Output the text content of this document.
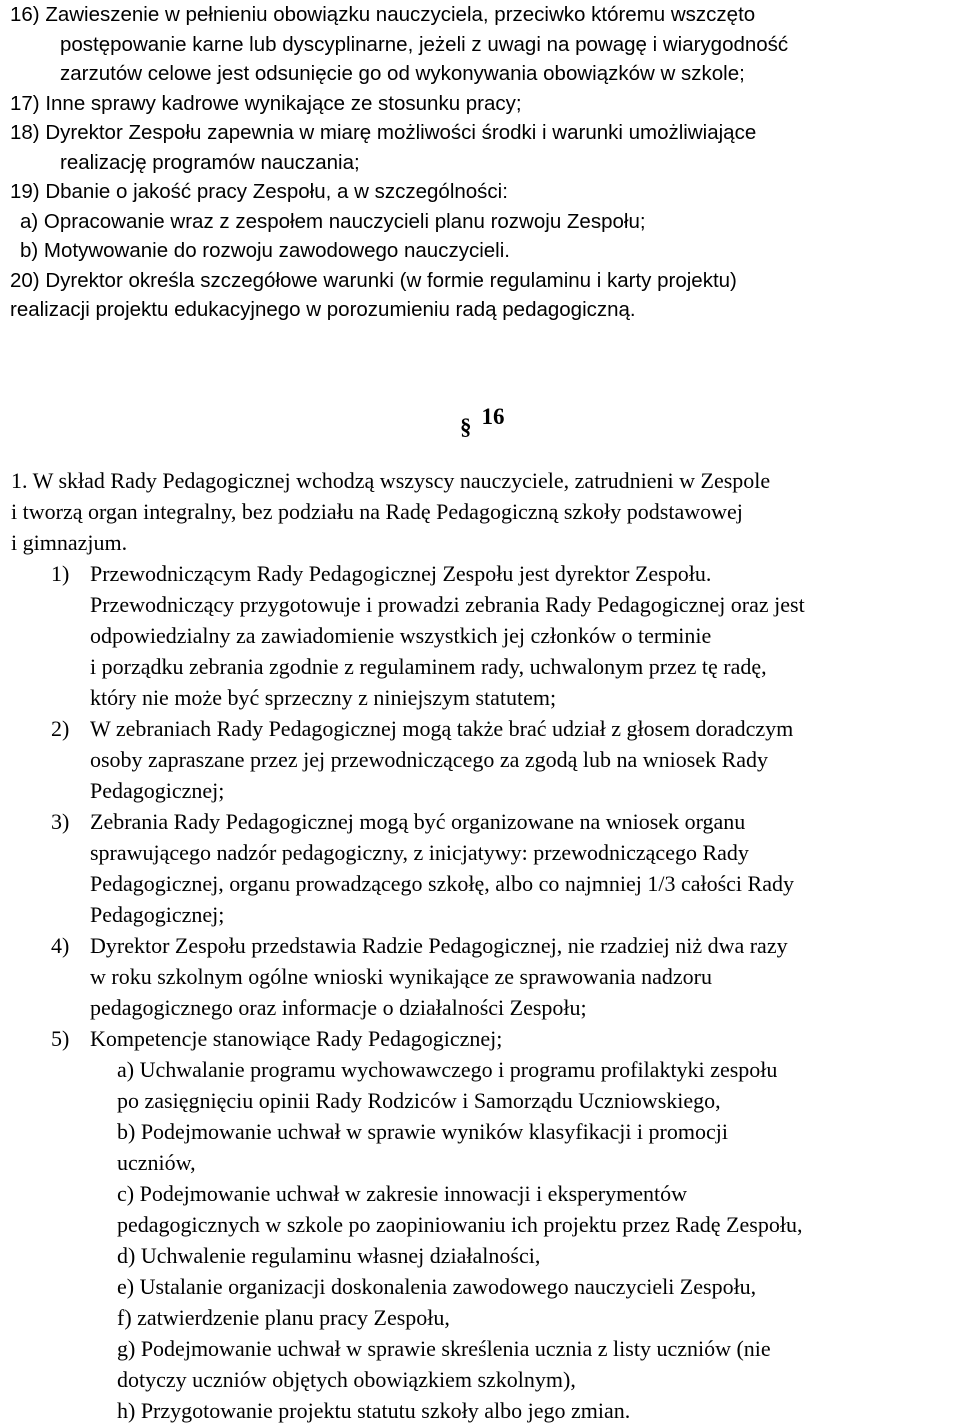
16) Zawieszenie w pełnieniu obowiązku nauczyciela, przeciwko któremu wszczęto

postępowanie karne lub dyscyplinarne, jeżeli z uwagi na powagę i wiarygodność

zarzutów celowe jest odsunięcie go od wykonywania obowiązków w szkole;

17) Inne sprawy kadrowe wynikające ze stosunku pracy;

18) Dyrektor Zespołu zapewnia w miarę możliwości środki i warunki umożliwiające

realizację programów nauczania;

19) Dbanie o jakość pracy Zespołu, a w szczególności:

a) Opracowanie wraz z zespołem nauczycieli planu rozwoju Zespołu;

b) Motywowanie do rozwoju zawodowego nauczycieli.

20) Dyrektor określa szczegółowe warunki (w formie regulaminu i karty projektu)

realizacji projektu edukacyjnego w porozumieniu radą pedagogiczną.

§ 16

1. W skład Rady Pedagogicznej wchodzą wszyscy nauczyciele, zatrudnieni w Zespole

i tworzą organ integralny, bez podziału na Radę Pedagogiczną szkoły podstawowej

i gimnazjum.

1) Przewodniczącym Rady Pedagogicznej Zespołu jest dyrektor Zespołu.

Przewodniczący przygotowuje i prowadzi zebrania Rady Pedagogicznej oraz jest

odpowiedzialny za zawiadomienie wszystkich jej członków o terminie

i porządku zebrania zgodnie z regulaminem rady, uchwalonym przez tę radę,

który nie może być sprzeczny z niniejszym statutem;

2) W zebraniach Rady Pedagogicznej mogą także brać udział z głosem doradczym

osoby zapraszane przez jej przewodniczącego za zgodą lub na wniosek Rady

Pedagogicznej;

3) Zebrania Rady Pedagogicznej mogą być organizowane na wniosek organu

sprawującego nadzór pedagogiczny, z inicjatywy: przewodniczącego Rady

Pedagogicznej, organu prowadzącego szkołę, albo co najmniej 1/3 całości Rady

Pedagogicznej;

4) Dyrektor Zespołu przedstawia Radzie Pedagogicznej, nie rzadziej niż dwa razy

w roku szkolnym ogólne wnioski wynikające ze sprawowania nadzoru

pedagogicznego oraz informacje o działalności Zespołu;

5) Kompetencje stanowiące Rady Pedagogicznej;

a) Uchwalanie programu wychowawczego i programu profilaktyki zespołu

po zasięgnięciu opinii Rady Rodziców i Samorządu Uczniowskiego,

b) Podejmowanie uchwał w sprawie wyników klasyfikacji i promocji

uczniów,

c) Podejmowanie uchwał w zakresie innowacji i eksperymentów

pedagogicznych w szkole po zaopiniowaniu ich projektu przez Radę Zespołu,

d) Uchwalenie regulaminu własnej działalności,

e) Ustalanie organizacji doskonalenia zawodowego nauczycieli Zespołu,

f) zatwierdzenie planu pracy Zespołu,

g) Podejmowanie uchwał w sprawie skreślenia ucznia z listy uczniów (nie

dotyczy uczniów objętych obowiązkiem szkolnym),

h) Przygotowanie projektu statutu szkoły albo jego zmian.
